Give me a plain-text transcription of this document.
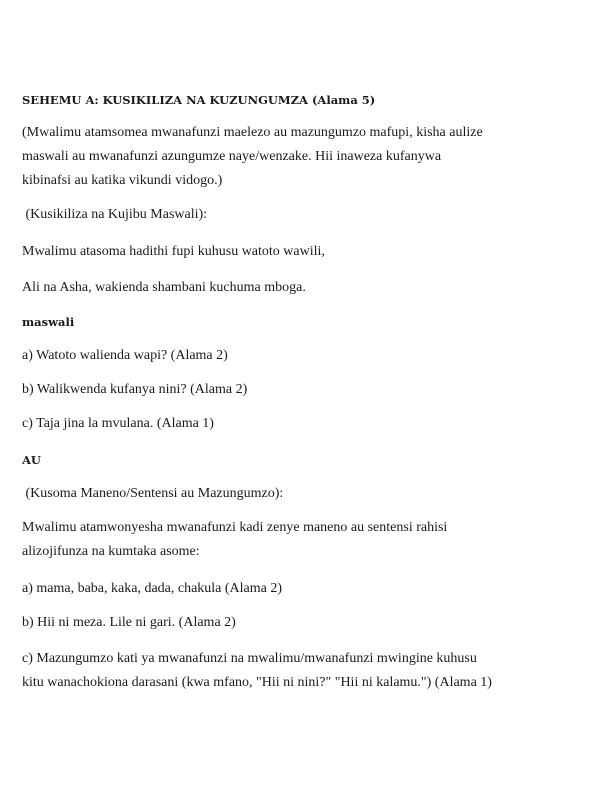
SEHEMU A: KUSIKILIZA NA KUZUNGUMZA (Alama 5)
(Mwalimu atamsomea mwanafunzi maelezo au mazungumzo mafupi, kisha aulize
maswali au mwanafunzi azungumze naye/wenzake. Hii inaweza kufanywa
kibinafsi au katika vikundi vidogo.)
(Kusikiliza na Kujibu Maswali):
Mwalimu atasoma hadithi fupi kuhusu watoto wawili,
Ali na Asha, wakienda shambani kuchuma mboga.
maswali
a) Watoto walienda wapi? (Alama 2)
b) Walikwenda kufanya nini? (Alama 2)
c) Taja jina la mvulana. (Alama 1)
AU
(Kusoma Maneno/Sentensi au Mazungumzo):
Mwalimu atamwonyesha mwanafunzi kadi zenye maneno au sentensi rahisi
alizojifunza na kumtaka asome:
a) mama, baba, kaka, dada, chakula (Alama 2)
b) Hii ni meza. Lile ni gari. (Alama 2)
c) Mazungumzo kati ya mwanafunzi na mwalimu/mwanafunzi mwingine kuhusu
kitu wanachokiona darasani (kwa mfano, "Hii ni nini?" "Hii ni kalamu.") (Alama 1)
